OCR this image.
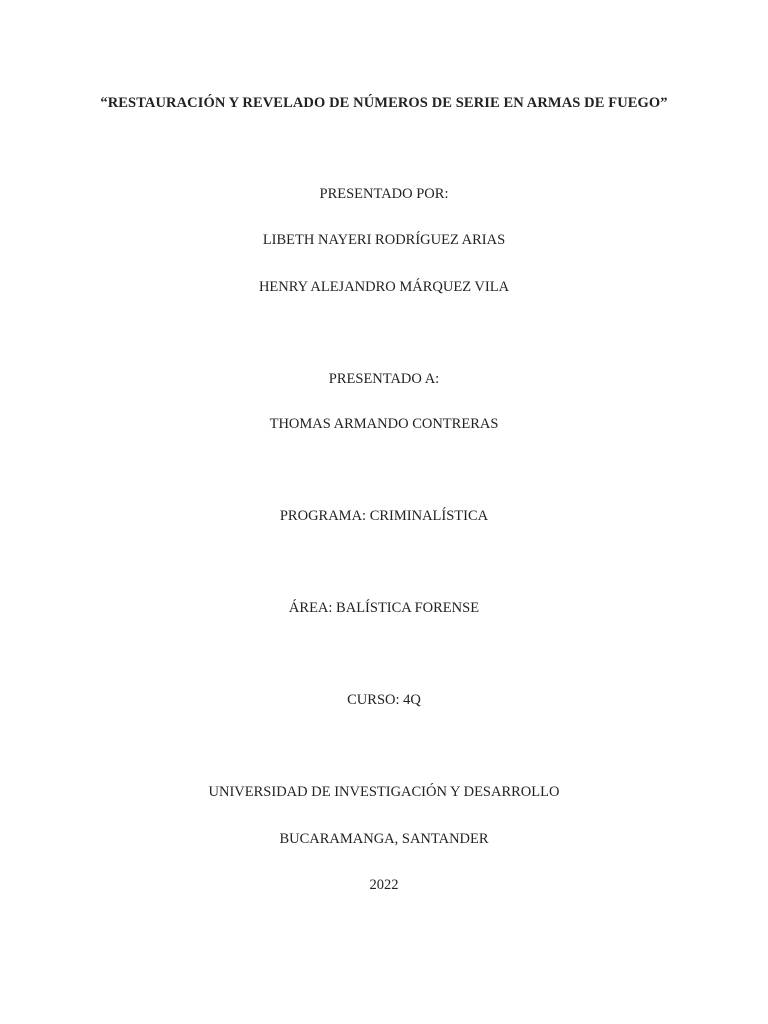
“RESTAURACIÓN Y REVELADO DE NÚMEROS DE SERIE EN ARMAS DE FUEGO”
PRESENTADO POR:
LIBETH NAYERI RODRÍGUEZ ARIAS
HENRY ALEJANDRO MÁRQUEZ VILA
PRESENTADO A:
THOMAS ARMANDO CONTRERAS
PROGRAMA: CRIMINALÍSTICA
ÁREA: BALÍSTICA FORENSE
CURSO: 4Q
UNIVERSIDAD DE INVESTIGACIÓN Y DESARROLLO
BUCARAMANGA, SANTANDER
2022
